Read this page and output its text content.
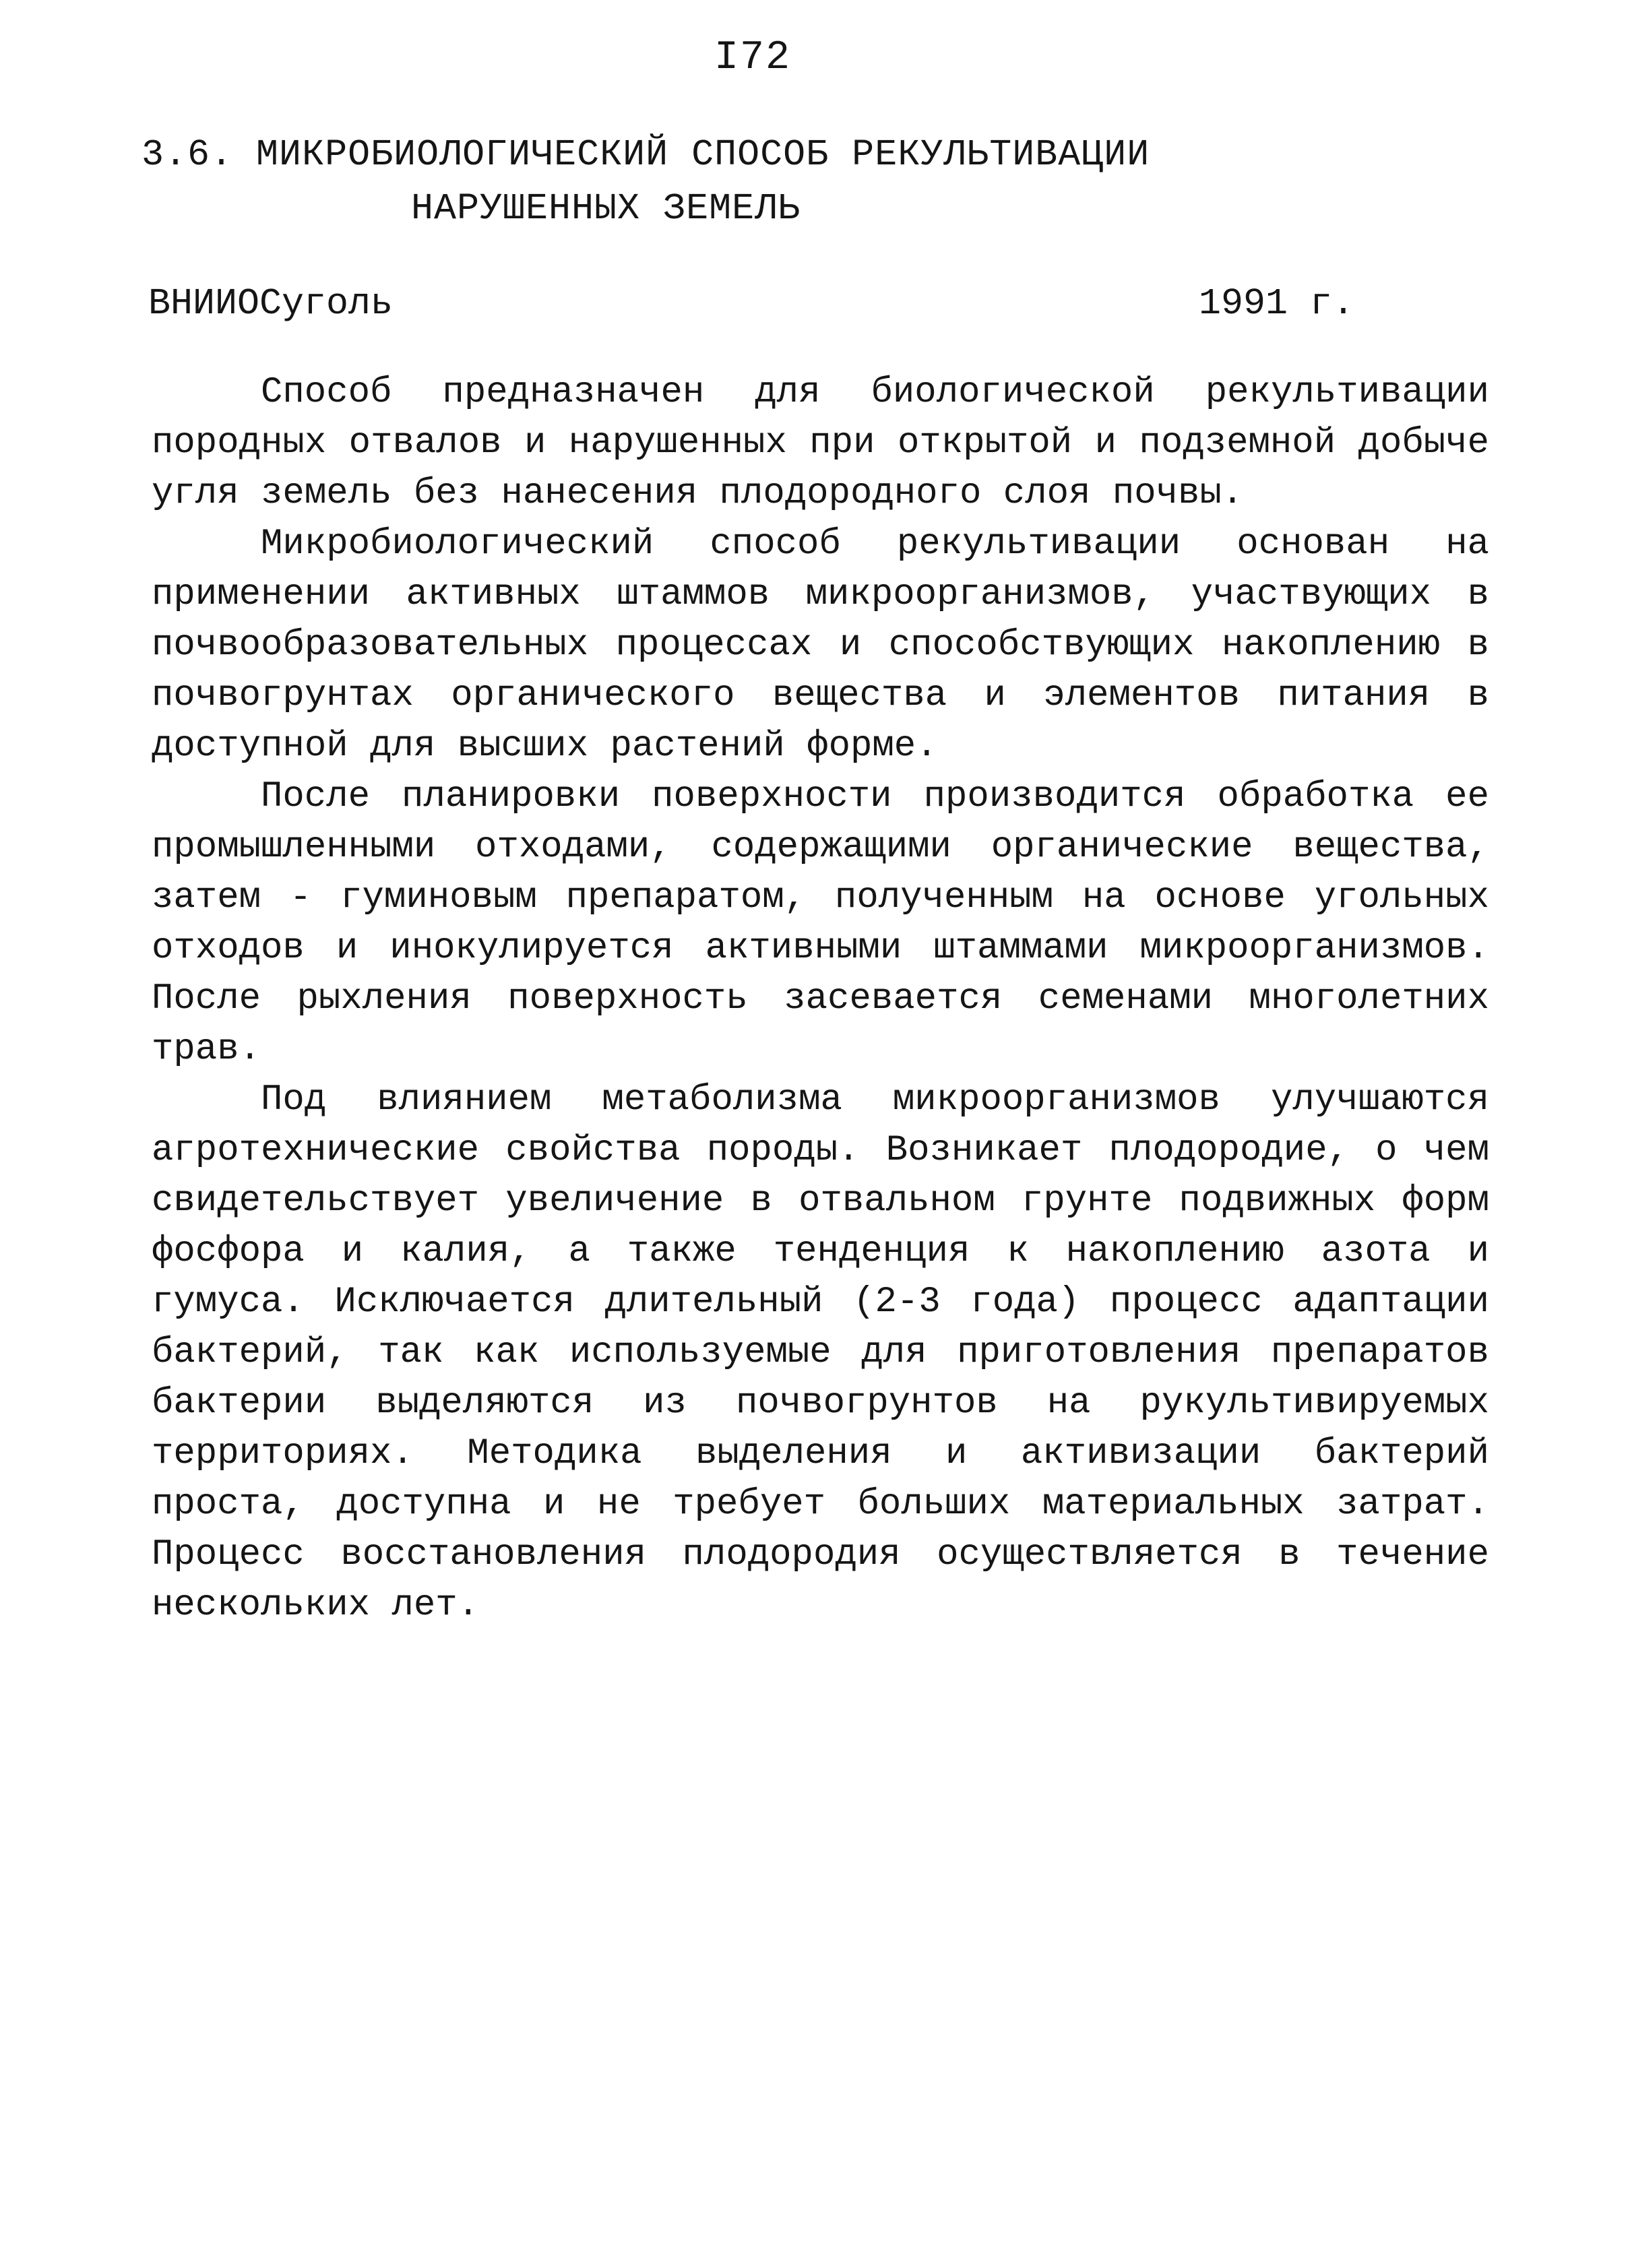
I72
3.6. МИКРОБИОЛОГИЧЕСКИЙ СПОСОБ РЕКУЛЬТИВАЦИИ
НАРУШЕННЫХ ЗЕМЕЛЬ
ВНИИОСуголь	1991 г.

Способ предназначен для биологической рекультивации породных отвалов и нарушенных при открытой и подземной добыче угля земель без нанесения плодородного слоя почвы.

Микробиологический способ рекультивации основан на применении активных штаммов микроорганизмов, участвующих в почвообразовательных процессах и способствующих накоплению в почвогрунтах органического вещества и элементов питания в доступной для высших растений форме.

После планировки поверхности производится обработка ее промышленными отходами, содержащими органические вещества, затем - гуминовым препаратом, полученным на основе угольных отходов и инокулируется активными штаммами микроорганизмов. После рыхления поверхность засевается семенами многолетних трав.

Под влиянием метаболизма микроорганизмов улучшаются агротехнические свойства породы. Возникает плодородие, о чем свидетельствует увеличение в отвальном грунте подвижных форм фосфора и калия, а также тенденция к накоплению азота и гумуса. Исключается длительный (2-3 года) процесс адаптации бактерий, так как используемые для приготовления препаратов бактерии выделяются из почвогрунтов на рукультивируемых территориях. Методика выделения и активизации бактерий проста, доступна и не требует больших материальных затрат. Процесс восстановления плодородия осуществляется в течение нескольких лет.
